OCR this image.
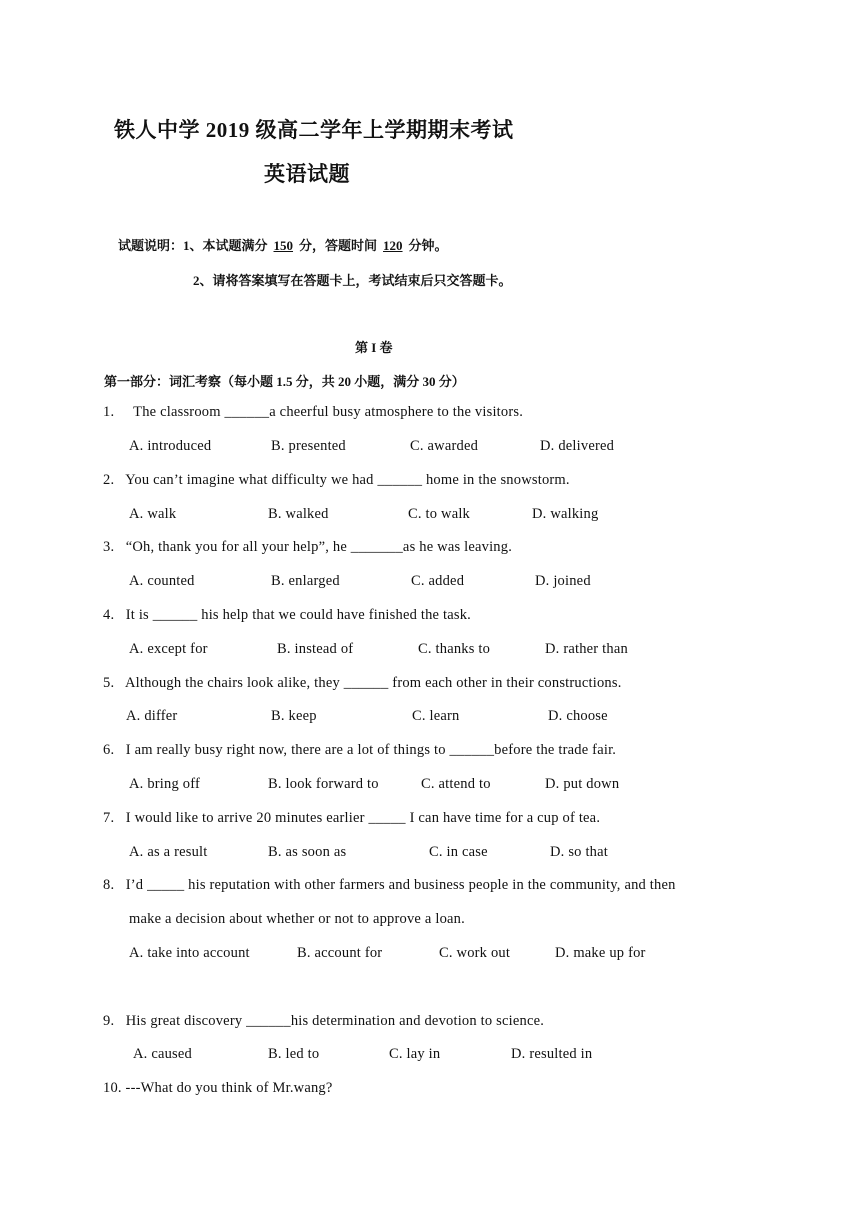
铁人中学 2019 级高二学年上学期期末考试
英语试题
试题说明：1、本试题满分 150 分，答题时间 120 分钟。
2、请将答案填写在答题卡上，考试结束后只交答题卡。
第 I 卷
第一部分：词汇考察（每小题 1.5 分，共 20 小题，满分 30 分）
1.     The classroom ______a cheerful busy atmosphere to the visitors.
A. introduced	B. presented	C. awarded	D. delivered
2.   You can’t imagine what difficulty we had ______ home in the snowstorm.
A. walk	B. walked	C. to walk	D. walking
3.   “Oh, thank you for all your help”, he _______as he was leaving.
A. counted	B. enlarged	C. added	D. joined
4.   It is ______ his help that we could have finished the task.
A. except for	B. instead of	C. thanks to	D. rather than
5.   Although the chairs look alike, they ______ from each other in their constructions.
A. differ	B. keep	C. learn	D. choose
6.   I am really busy right now, there are a lot of things to ______before the trade fair.
A. bring off	B. look forward to	C. attend to	D. put down
7.   I would like to arrive 20 minutes earlier _____ I can have time for a cup of tea.
A. as a result	B. as soon as	C. in case	D. so that
8.   I’d _____ his reputation with other farmers and business people in the community, and then
make a decision about whether or not to approve a loan.
A. take into account	B. account for	C. work out	D. make up for
9.   His great discovery ______his determination and devotion to science.
A. caused	B. led to	C. lay in	D. resulted in
10. ---What do you think of Mr.wang?
